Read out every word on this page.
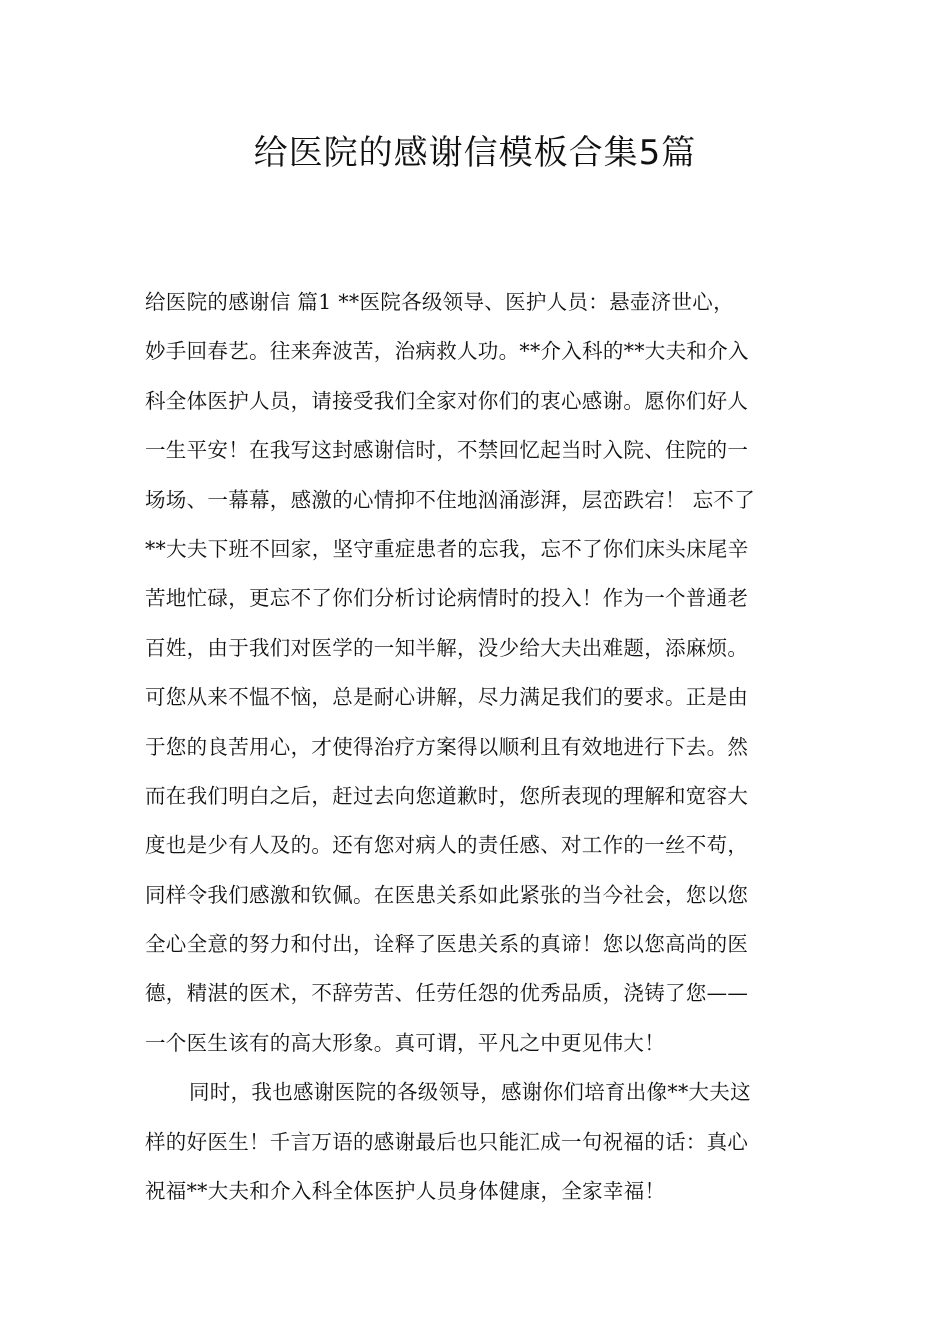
给医院的感谢信模板合集5篇
给医院的感谢信 篇1 **医院各级领导、医护人员：悬壶济世心，
妙手回春艺。往来奔波苦，治病救人功。**介入科的**大夫和介入
科全体医护人员，请接受我们全家对你们的衷心感谢。愿你们好人
一生平安！在我写这封感谢信时，不禁回忆起当时入院、住院的一
场场、一幕幕，感激的心情抑不住地汹涌澎湃，层峦跌宕！ 忘不了
**大夫下班不回家，坚守重症患者的忘我，忘不了你们床头床尾辛
苦地忙碌，更忘不了你们分析讨论病情时的投入！作为一个普通老
百姓，由于我们对医学的一知半解，没少给大夫出难题，添麻烦。
可您从来不愠不恼，总是耐心讲解，尽力满足我们的要求。正是由
于您的良苦用心，才使得治疗方案得以顺利且有效地进行下去。然
而在我们明白之后，赶过去向您道歉时，您所表现的理解和宽容大
度也是少有人及的。还有您对病人的责任感、对工作的一丝不苟，
同样令我们感激和钦佩。在医患关系如此紧张的当今社会，您以您
全心全意的努力和付出，诠释了医患关系的真谛！您以您高尚的医
德，精湛的医术，不辞劳苦、任劳任怨的优秀品质，浇铸了您——
一个医生该有的高大形象。真可谓，平凡之中更见伟大！
同时，我也感谢医院的各级领导，感谢你们培育出像**大夫这
样的好医生！千言万语的感谢最后也只能汇成一句祝福的话：真心
祝福**大夫和介入科全体医护人员身体健康，全家幸福！
